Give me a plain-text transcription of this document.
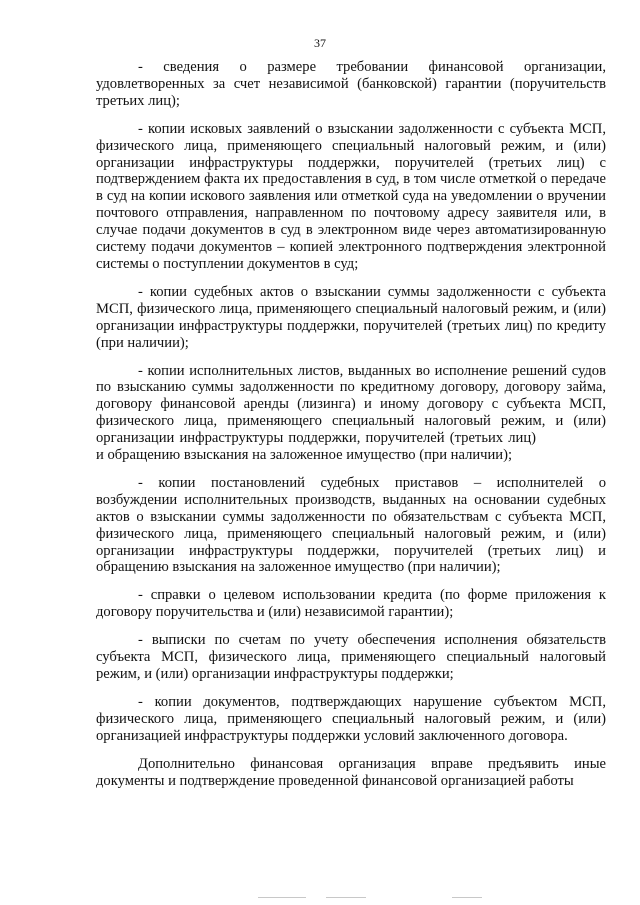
37

- сведения о размере требовании финансовой организации, удовлетворенных за счет независимой (банковской) гарантии (поручительств третьих лиц);

- копии исковых заявлений о взыскании задолженности с субъекта МСП, физического лица, применяющего специальный налоговый режим, и (или) организации инфраструктуры поддержки, поручителей (третьих лиц) с подтверждением факта их предоставления в суд, в том числе отметкой о передаче в суд на копии искового заявления или отметкой суда на уведомлении о вручении почтового отправления, направленном по почтовому адресу заявителя или, в случае подачи документов в суд в электронном виде через автоматизированную систему подачи документов – копией электронного подтверждения электронной системы о поступлении документов в суд;

- копии судебных актов о взыскании суммы задолженности с субъекта МСП, физического лица, применяющего специальный налоговый режим, и (или) организации инфраструктуры поддержки, поручителей (третьих лиц) по кредиту (при наличии);

- копии исполнительных листов, выданных во исполнение решений судов по взысканию суммы задолженности по кредитному договору, договору займа, договору финансовой аренды (лизинга) и иному договору с субъекта МСП, физического лица, применяющего специальный налоговый режим, и (или) организации инфраструктуры поддержки, поручителей (третьих лиц)и обращению взыскания на заложенное имущество (при наличии);

- копии постановлений судебных приставов – исполнителей о возбуждении исполнительных производств, выданных на основании судебных актов о взыскании суммы задолженности по обязательствам с субъекта МСП, физического лица, применяющего специальный налоговый режим, и (или) организации инфраструктуры поддержки, поручителей (третьих лиц) и обращению взыскания на заложенное имущество (при наличии);

- справки о целевом использовании кредита (по форме приложения к договору поручительства и (или) независимой гарантии);

- выписки по счетам по учету обеспечения исполнения обязательств субъекта МСП, физического лица, применяющего специальный налоговый режим, и (или) организации инфраструктуры поддержки;

- копии документов, подтверждающих нарушение субъектом МСП, физического лица, применяющего специальный налоговый режим, и (или) организацией инфраструктуры поддержки условий заключенного договора.

Дополнительно финансовая организация вправе предъявить иные документы и подтверждение проведенной финансовой организацией работы
